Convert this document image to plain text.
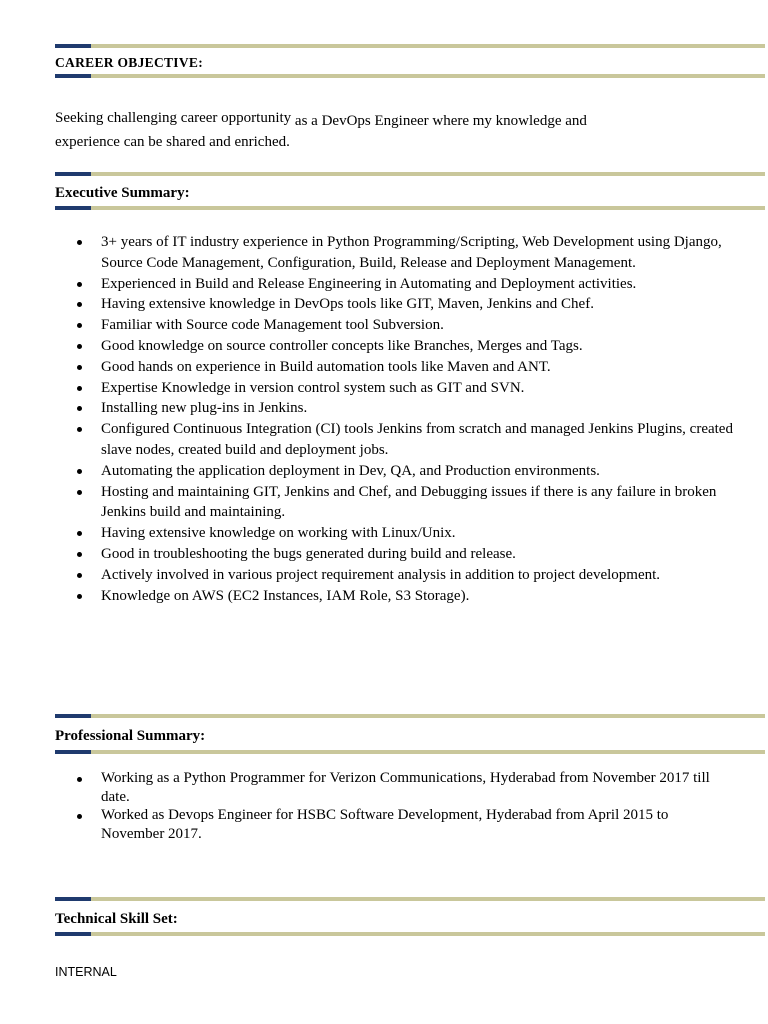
CAREER OBJECTIVE:
Seeking challenging career opportunity as a DevOps Engineer where my knowledge and
experience can be shared and enriched.
Executive Summary:
3+ years of IT industry experience in Python Programming/Scripting, Web Development using Django, Source Code Management, Configuration, Build, Release and Deployment Management.
Experienced in Build and Release Engineering in Automating and Deployment activities.
Having extensive knowledge in DevOps tools like GIT, Maven, Jenkins and Chef.
Familiar with Source code Management tool Subversion.
Good knowledge on source controller concepts like Branches, Merges and Tags.
Good hands on experience in Build automation tools like Maven and ANT.
Expertise Knowledge in version control system such as GIT and SVN.
Installing new plug-ins in Jenkins.
Configured Continuous Integration (CI) tools Jenkins from scratch and managed Jenkins Plugins, created slave nodes, created build and deployment jobs.
Automating the application deployment in Dev, QA, and Production environments.
Hosting and maintaining GIT, Jenkins and Chef, and Debugging issues if there is any failure in broken Jenkins build and maintaining.
Having extensive knowledge on working with Linux/Unix.
Good in troubleshooting the bugs generated during build and release.
Actively involved in various project requirement analysis in addition to project development.
Knowledge on AWS (EC2 Instances, IAM Role, S3 Storage).
Professional Summary:
Working as a Python Programmer for Verizon Communications, Hyderabad from November 2017 till date.
Worked as Devops Engineer for HSBC Software Development, Hyderabad from April 2015 to November 2017.
Technical Skill Set:
INTERNAL
